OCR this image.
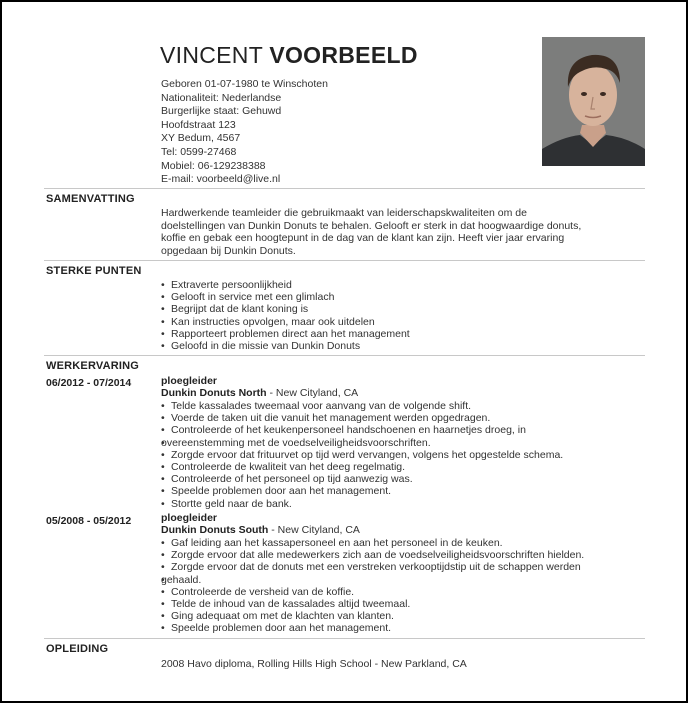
VINCENT VOORBEELD
Geboren 01-07-1980 te Winschoten
Nationaliteit: Nederlandse
Burgerlijke staat: Gehuwd
Hoofdstraat 123
XY Bedum, 4567
Tel: 0599-27468
Mobiel: 06-129238388
E-mail: voorbeeld@live.nl
SAMENVATTING
Hardwerkende teamleider die gebruikmaakt van leiderschapskwaliteiten om de
doelstellingen van Dunkin Donuts te behalen. Gelooft er sterk in dat hoogwaardige donuts,
koffie en gebak een hoogtepunt in de dag van de klant kan zijn. Heeft vier jaar ervaring
opgedaan bij Dunkin Donuts.
STERKE PUNTEN
• Extraverte persoonlijkheid
• Gelooft in service met een glimlach
• Begrijpt dat de klant koning is
• Kan instructies opvolgen, maar ook uitdelen
• Rapporteert problemen direct aan het management
• Geloofd in die missie van Dunkin Donuts
WERKERVARING
06/2012 - 07/2014	ploegleider
Dunkin Donuts North - New Cityland, CA
• Telde kassalades tweemaal voor aanvang van de volgende shift.
• Voerde de taken uit die vanuit het management werden opgedragen.
• Controleerde of het keukenpersoneel handschoenen en haarnetjes droeg, in
• overeenstemming met de voedselveiligheidsvoorschriften.
• Zorgde ervoor dat frituurvet op tijd werd vervangen, volgens het opgestelde schema.
• Controleerde de kwaliteit van het deeg regelmatig.
• Controleerde of het personeel op tijd aanwezig was.
• Speelde problemen door aan het management.
• Stortte geld naar de bank.
05/2008 - 05/2012	ploegleider
Dunkin Donuts South - New Cityland, CA
• Gaf leiding aan het kassapersoneel en aan het personeel in de keuken.
• Zorgde ervoor dat alle medewerkers zich aan de voedselveiligheidsvoorschriften hielden.
• Zorgde ervoor dat de donuts met een verstreken verkooptijdstip uit de schappen werden
• gehaald.
• Controleerde de versheid van de koffie.
• Telde de inhoud van de kassalades altijd tweemaal.
• Ging adequaat om met de klachten van klanten.
• Speelde problemen door aan het management.
OPLEIDING
2008 Havo diploma, Rolling Hills High School - New Parkland, CA
